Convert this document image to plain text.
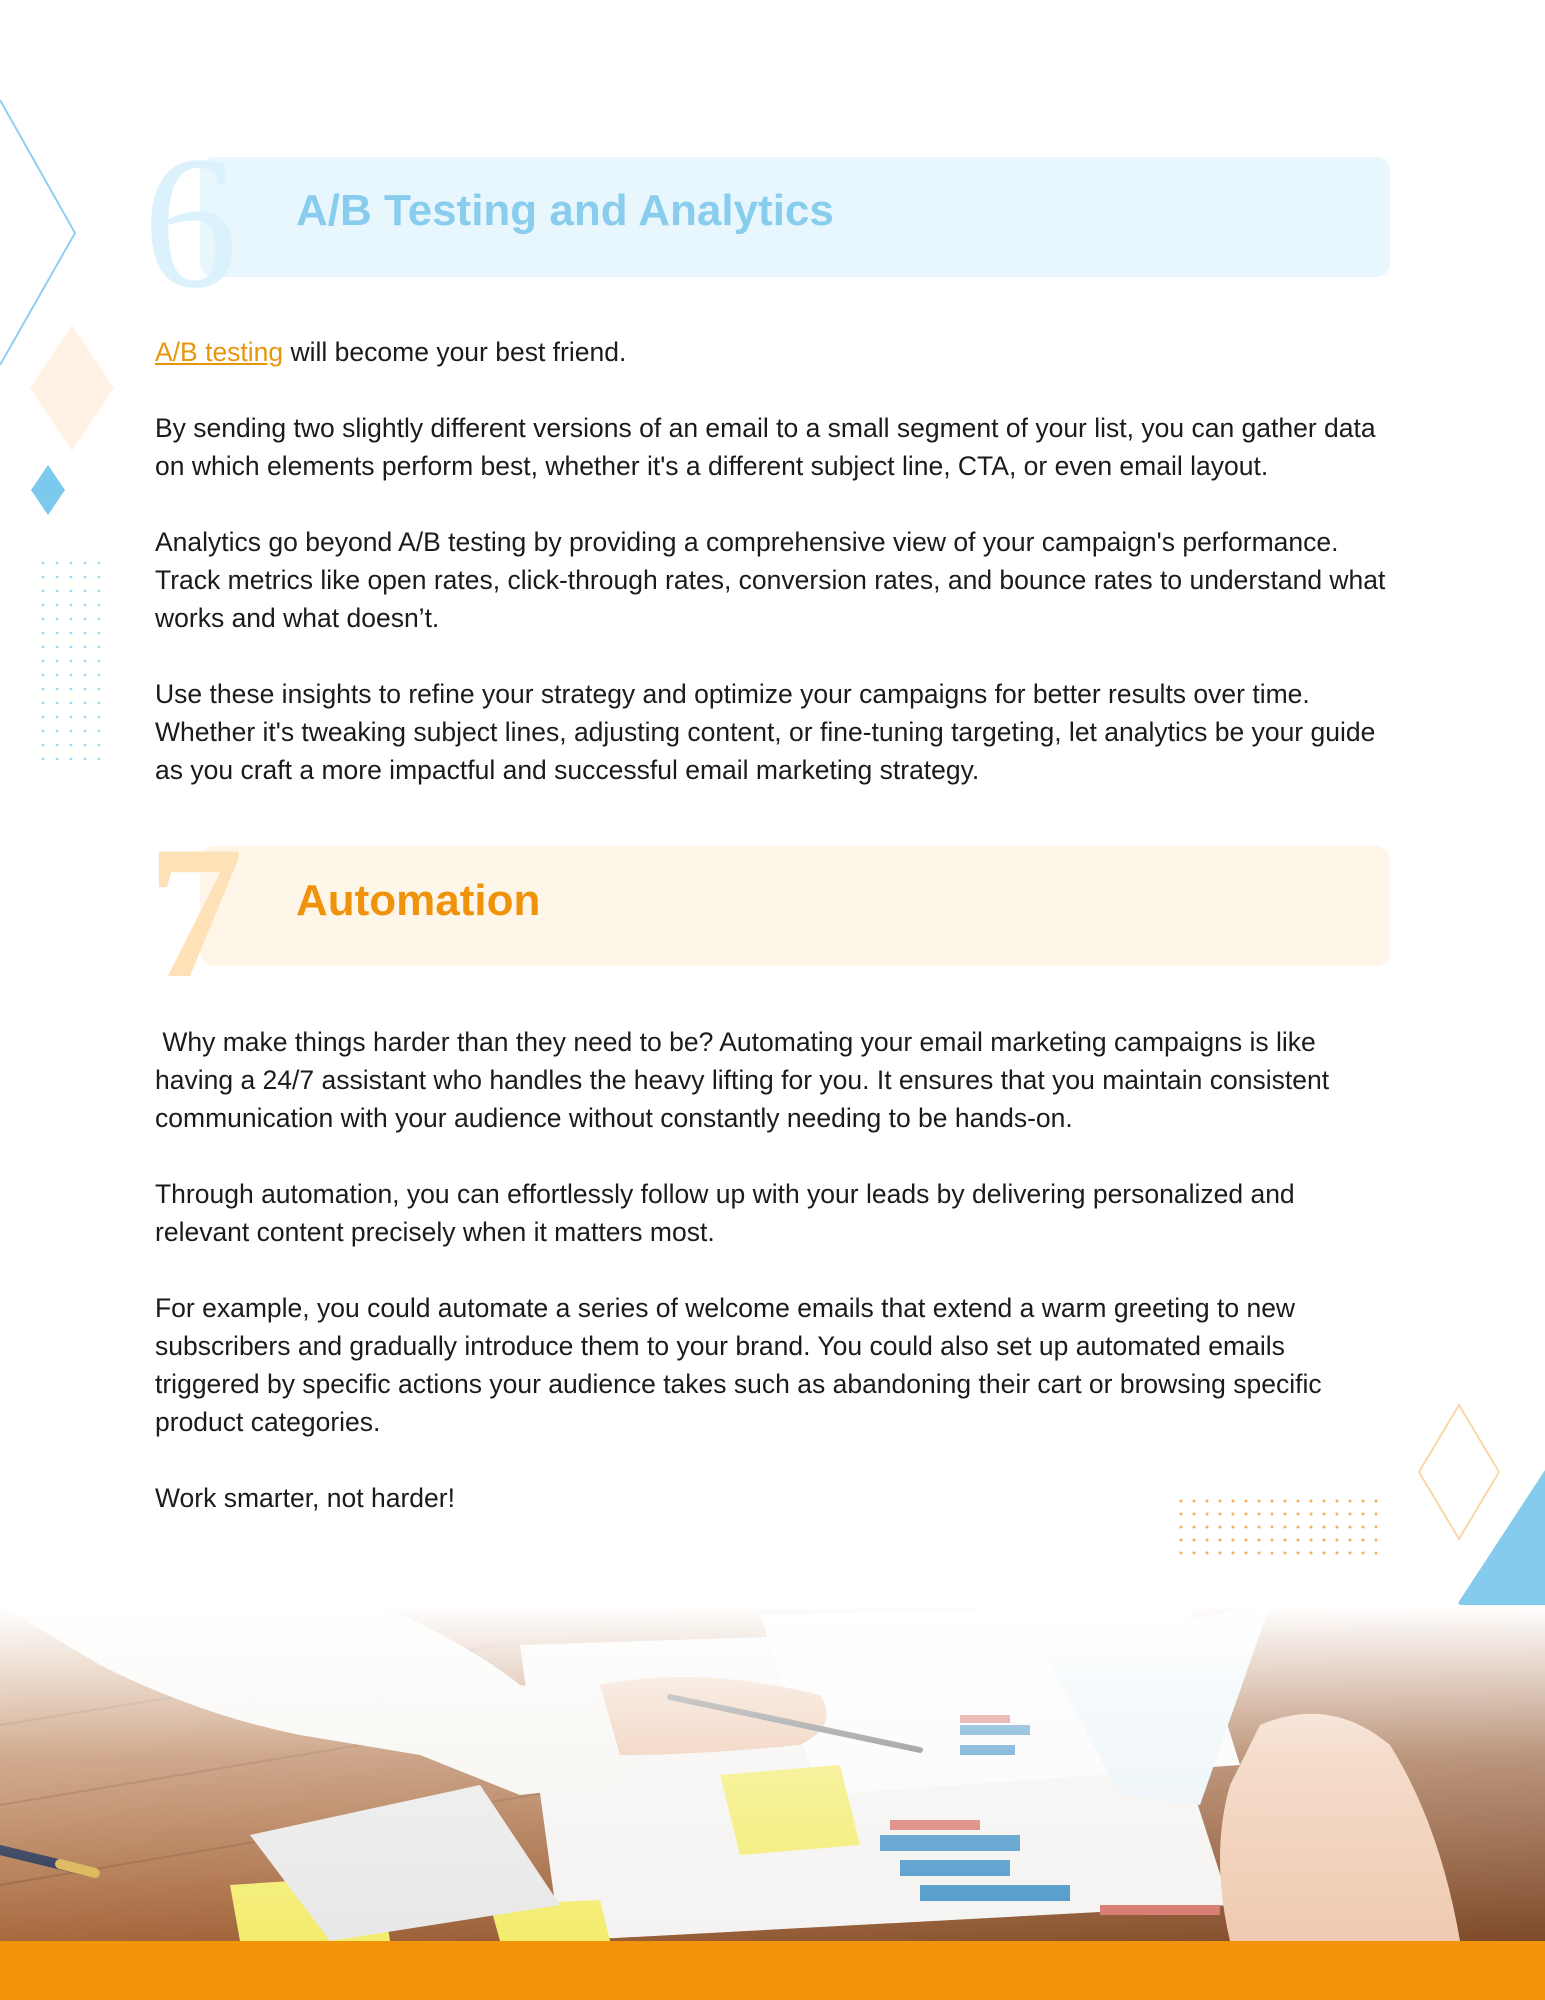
6 A/B Testing and Analytics

A/B testing will become your best friend.

By sending two slightly different versions of an email to a small segment of your list, you can gather data on which elements perform best, whether it's a different subject line, CTA, or even email layout.

Analytics go beyond A/B testing by providing a comprehensive view of your campaign's performance. Track metrics like open rates, click-through rates, conversion rates, and bounce rates to understand what works and what doesn’t.

Use these insights to refine your strategy and optimize your campaigns for better results over time. Whether it's tweaking subject lines, adjusting content, or fine-tuning targeting, let analytics be your guide as you craft a more impactful and successful email marketing strategy.

7 Automation

Why make things harder than they need to be? Automating your email marketing campaigns is like having a 24/7 assistant who handles the heavy lifting for you. It ensures that you maintain consistent communication with your audience without constantly needing to be hands-on.

Through automation, you can effortlessly follow up with your leads by delivering personalized and relevant content precisely when it matters most.

For example, you could automate a series of welcome emails that extend a warm greeting to new subscribers and gradually introduce them to your brand. You could also set up automated emails triggered by specific actions your audience takes such as abandoning their cart or browsing specific product categories.

Work smarter, not harder!
